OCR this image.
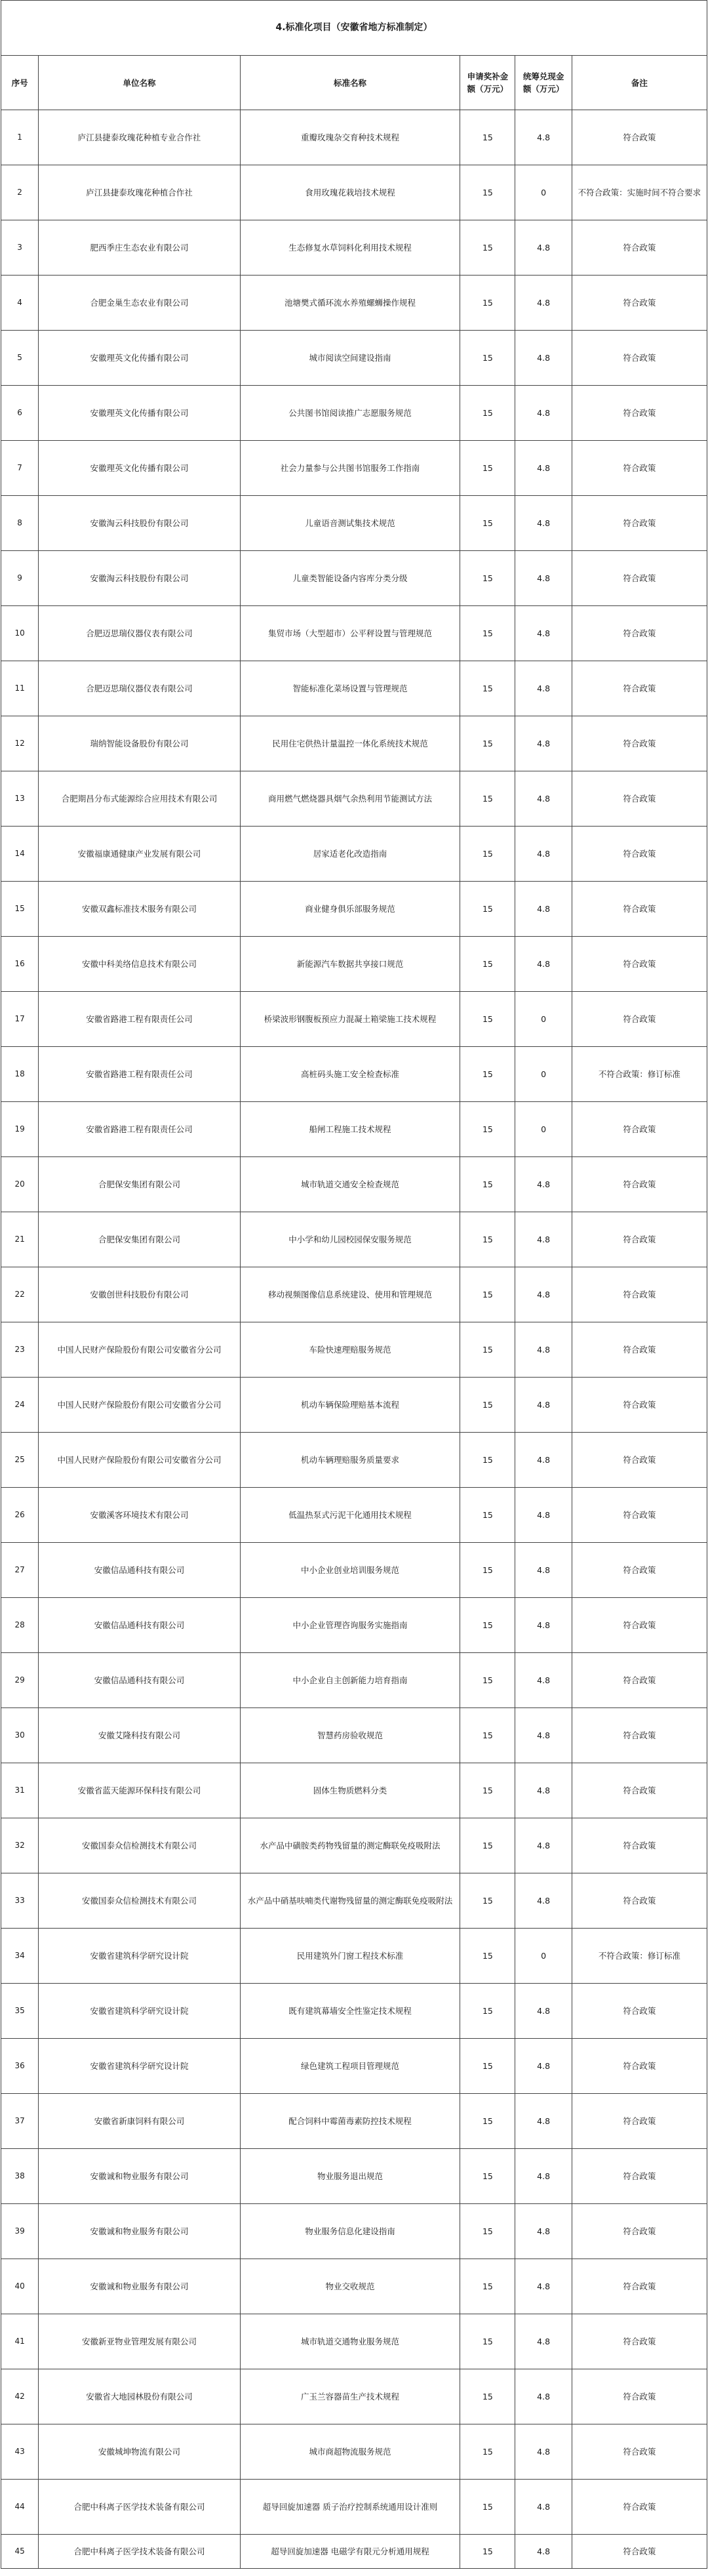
4.标准化项目（安徽省地方标准制定）					
序号	单位名称	标准名称	申请奖补金额（万元）	统筹兑现金额（万元）	备注
1	庐江县捷泰玫瑰花种植专业合作社	重瓣玫瑰杂交育种技术规程	15	4.8	符合政策
2	庐江县捷泰玫瑰花种植合作社	食用玫瑰花栽培技术规程	15	0	不符合政策：实施时间不符合要求
3	肥西季庄生态农业有限公司	生态修复水草饲料化利用技术规程	15	4.8	符合政策
4	合肥金巢生态农业有限公司	池塘樊式循环流水养殖螺蛳操作规程	15	4.8	符合政策
5	安徽理英文化传播有限公司	城市阅读空间建设指南	15	4.8	符合政策
6	安徽理英文化传播有限公司	公共图书馆阅读推广志愿服务规范	15	4.8	符合政策
7	安徽理英文化传播有限公司	社会力量参与公共图书馆服务工作指南	15	4.8	符合政策
8	安徽淘云科技股份有限公司	儿童语音测试集技术规范	15	4.8	符合政策
9	安徽淘云科技股份有限公司	儿童类智能设备内容库分类分级	15	4.8	符合政策
10	合肥迈思瑞仪器仪表有限公司	集贸市场（大型超市）公平秤设置与管理规范	15	4.8	符合政策
11	合肥迈思瑞仪器仪表有限公司	智能标准化菜场设置与管理规范	15	4.8	符合政策
12	瑞纳智能设备股份有限公司	民用住宅供热计量温控一体化系统技术规范	15	4.8	符合政策
13	合肥期昌分布式能源综合应用技术有限公司	商用燃气燃烧器具烟气余热利用节能测试方法	15	4.8	符合政策
14	安徽福康通健康产业发展有限公司	居家适老化改造指南	15	4.8	符合政策
15	安徽双鑫标准技术服务有限公司	商业健身俱乐部服务规范	15	4.8	符合政策
16	安徽中科美络信息技术有限公司	新能源汽车数据共享接口规范	15	4.8	符合政策
17	安徽省路港工程有限责任公司	桥梁波形钢腹板预应力混凝土箱梁施工技术规程	15	0	符合政策
18	安徽省路港工程有限责任公司	高桩码头施工安全检查标准	15	0	不符合政策：修订标准
19	安徽省路港工程有限责任公司	船闸工程施工技术规程	15	0	符合政策
20	合肥保安集团有限公司	城市轨道交通安全检查规范	15	4.8	符合政策
21	合肥保安集团有限公司	中小学和幼儿园校园保安服务规范	15	4.8	符合政策
22	安徽创世科技股份有限公司	移动视频图像信息系统建设、使用和管理规范	15	4.8	符合政策
23	中国人民财产保险股份有限公司安徽省分公司	车险快速理赔服务规范	15	4.8	符合政策
24	中国人民财产保险股份有限公司安徽省分公司	机动车辆保险理赔基本流程	15	4.8	符合政策
25	中国人民财产保险股份有限公司安徽省分公司	机动车辆理赔服务质量要求	15	4.8	符合政策
26	安徽溪客环境技术有限公司	低温热泵式污泥干化通用技术规程	15	4.8	符合政策
27	安徽信品通科技有限公司	中小企业创业培训服务规范	15	4.8	符合政策
28	安徽信品通科技有限公司	中小企业管理咨询服务实施指南	15	4.8	符合政策
29	安徽信品通科技有限公司	中小企业自主创新能力培育指南	15	4.8	符合政策
30	安徽艾隆科技有限公司	智慧药房验收规范	15	4.8	符合政策
31	安徽省蓝天能源环保科技有限公司	固体生物质燃料分类	15	4.8	符合政策
32	安徽国泰众信检测技术有限公司	水产品中磺胺类药物残留量的测定酶联免疫吸附法	15	4.8	符合政策
33	安徽国泰众信检测技术有限公司	水产品中硝基呋喃类代谢物残留量的测定酶联免疫吸附法	15	4.8	符合政策
34	安徽省建筑科学研究设计院	民用建筑外门窗工程技术标准	15	0	不符合政策：修订标准
35	安徽省建筑科学研究设计院	既有建筑幕墙安全性鉴定技术规程	15	4.8	符合政策
36	安徽省建筑科学研究设计院	绿色建筑工程项目管理规范	15	4.8	符合政策
37	安徽省新康饲料有限公司	配合饲料中霉菌毒素防控技术规程	15	4.8	符合政策
38	安徽诚和物业服务有限公司	物业服务退出规范	15	4.8	符合政策
39	安徽诚和物业服务有限公司	物业服务信息化建设指南	15	4.8	符合政策
40	安徽诚和物业服务有限公司	物业交收规范	15	4.8	符合政策
41	安徽新亚物业管理发展有限公司	城市轨道交通物业服务规范	15	4.8	符合政策
42	安徽省大地园林股份有限公司	广玉兰容器苗生产技术规程	15	4.8	符合政策
43	安徽城坤物流有限公司	城市商超物流服务规范	15	4.8	符合政策
44	合肥中科离子医学技术装备有限公司	超导回旋加速器 质子治疗控制系统通用设计准则	15	4.8	符合政策
45	合肥中科离子医学技术装备有限公司	超导回旋加速器 电磁学有限元分析通用规程	15	4.8	符合政策
